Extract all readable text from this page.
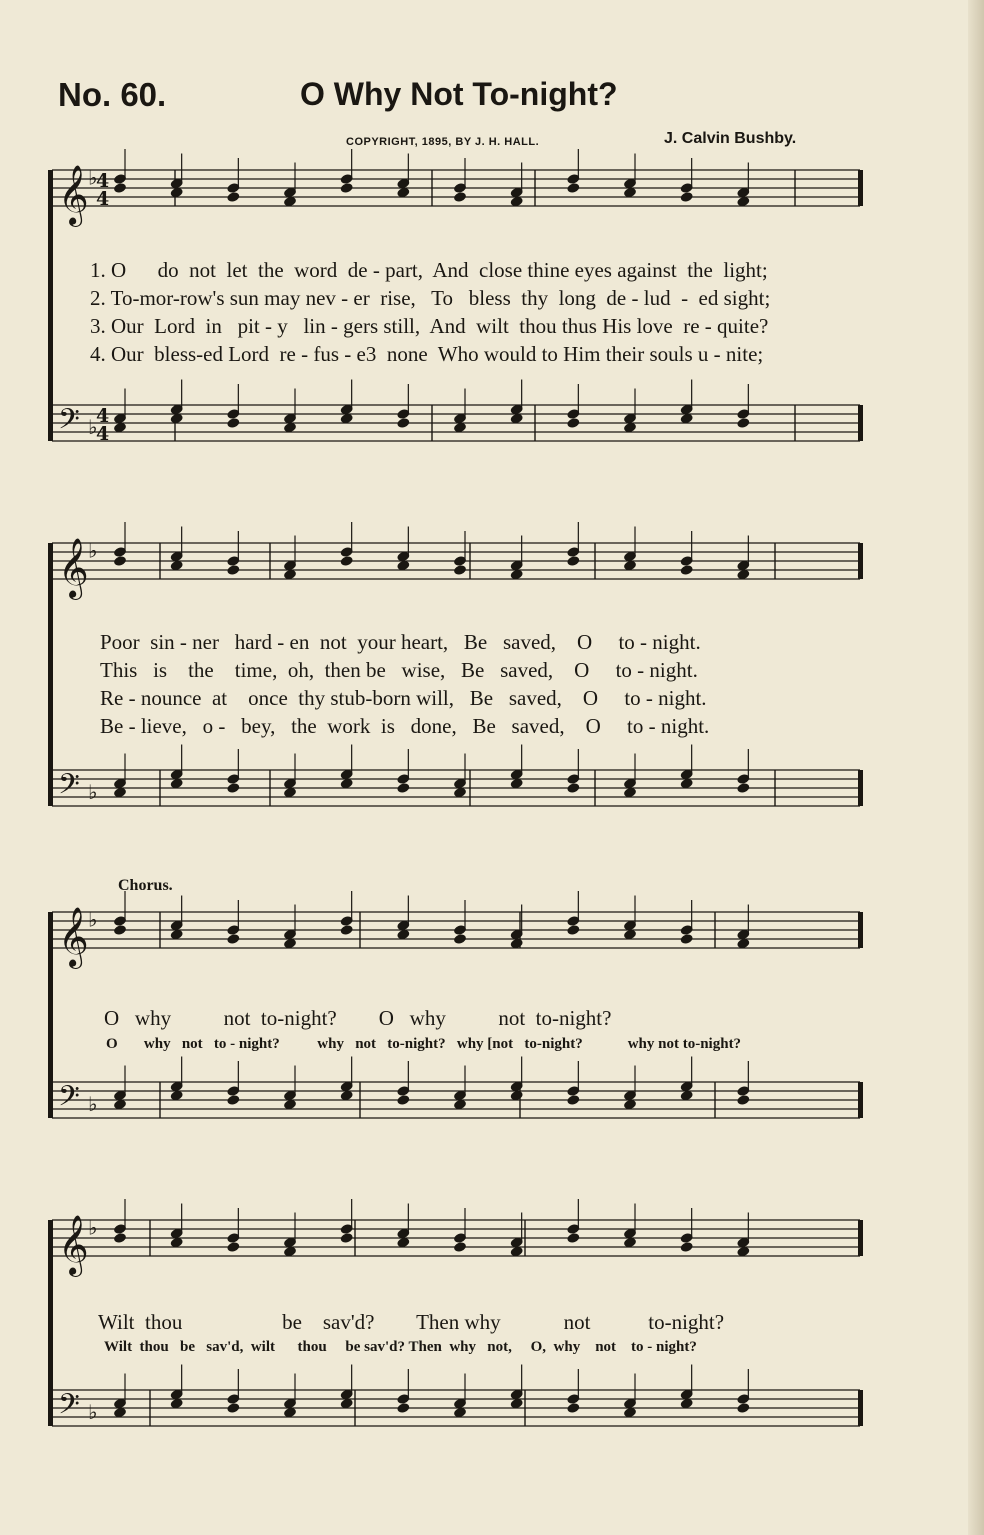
No. 60.	O Why Not To-night?
COPYRIGHT, 1895, BY J. H. HALL.	J. Calvin Bushby.
1. O      do  not  let  the  word  de - part,  And  close thine eyes against  the  light;
2. To-mor-row's sun may nev - er  rise,   To   bless  thy  long  de - lud  -  ed sight;
3. Our  Lord  in   pit - y   lin - gers still,  And  wilt  thou thus His love  re - quite?
4. Our  bless-ed Lord  re - fus - e3  none  Who would to Him their souls u - nite;
Poor  sin - ner   hard - en  not  your heart,   Be   saved,    O     to - night.
This   is    the    time,  oh,  then be   wise,   Be   saved,    O     to - night.
Re - nounce  at    once  thy stub-born will,   Be   saved,    O     to - night.
Be - lieve,   o -   bey,   the  work  is   done,   Be   saved,    O     to - night.
Chorus.
O   why          not  to-night?        O   why          not  to-night?
O       why   not   to - night?          why   not   to-night?   why [not   to-night?            why not to-night?
Wilt  thou                   be    sav'd?        Then why            not           to-night?
Wilt  thou   be   sav'd,  wilt      thou     be sav'd? Then  why   not,     O,  why    not    to - night?
𝄞 ♭
𝄢 ♭
𝄞 ♭
𝄢 ♭
𝄞 ♭
𝄢 ♭
𝄞 ♭
𝄢 ♭
4
4
4
4
